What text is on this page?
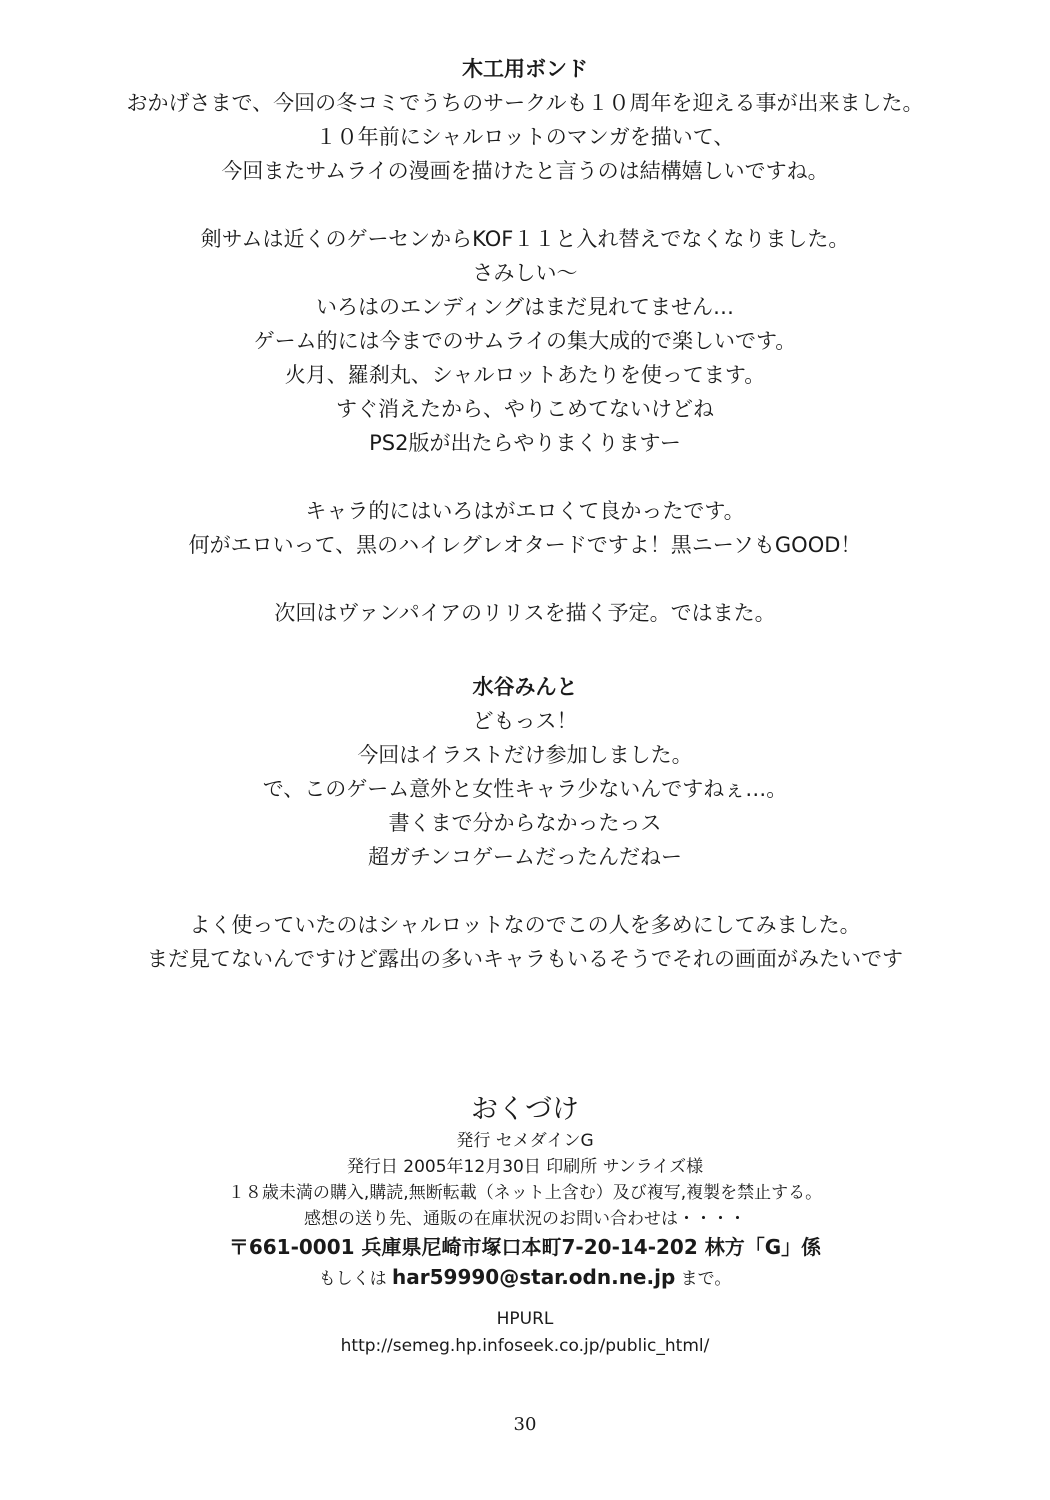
木工用ボンド
おかげさまで、今回の冬コミでうちのサークルも１０周年を迎える事が出来ました。
１０年前にシャルロットのマンガを描いて、
今回またサムライの漫画を描けたと言うのは結構嬉しいですね。
剣サムは近くのゲーセンからKOF１１と入れ替えでなくなりました。
さみしい～
いろはのエンディングはまだ見れてません…
ゲーム的には今までのサムライの集大成的で楽しいです。
火月、羅刹丸、シャルロットあたりを使ってます。
すぐ消えたから、やりこめてないけどね
PS2版が出たらやりまくりますー
キャラ的にはいろはがエロくて良かったです。
何がエロいって、黒のハイレグレオタードですよ！黒ニーソもGOOD！
次回はヴァンパイアのリリスを描く予定。ではまた。
水谷みんと
どもっス！
今回はイラストだけ参加しました。
で、このゲーム意外と女性キャラ少ないんですねぇ…。
書くまで分からなかったっス
超ガチンコゲームだったんだねー
よく使っていたのはシャルロットなのでこの人を多めにしてみました。
まだ見てないんですけど露出の多いキャラもいるそうでそれの画面がみたいです
おくづけ
発行 セメダインG
発行日 2005年12月30日 印刷所 サンライズ様
１８歳未満の購入,購読,無断転載（ネット上含む）及び複写,複製を禁止する。
感想の送り先、通販の在庫状況のお問い合わせは・・・・
〒661-0001 兵庫県尼崎市塚口本町7-20-14-202 林方「G」係
もしくは har59990@star.odn.ne.jp まで。
HPURL
http://semeg.hp.infoseek.co.jp/public_html/
30
